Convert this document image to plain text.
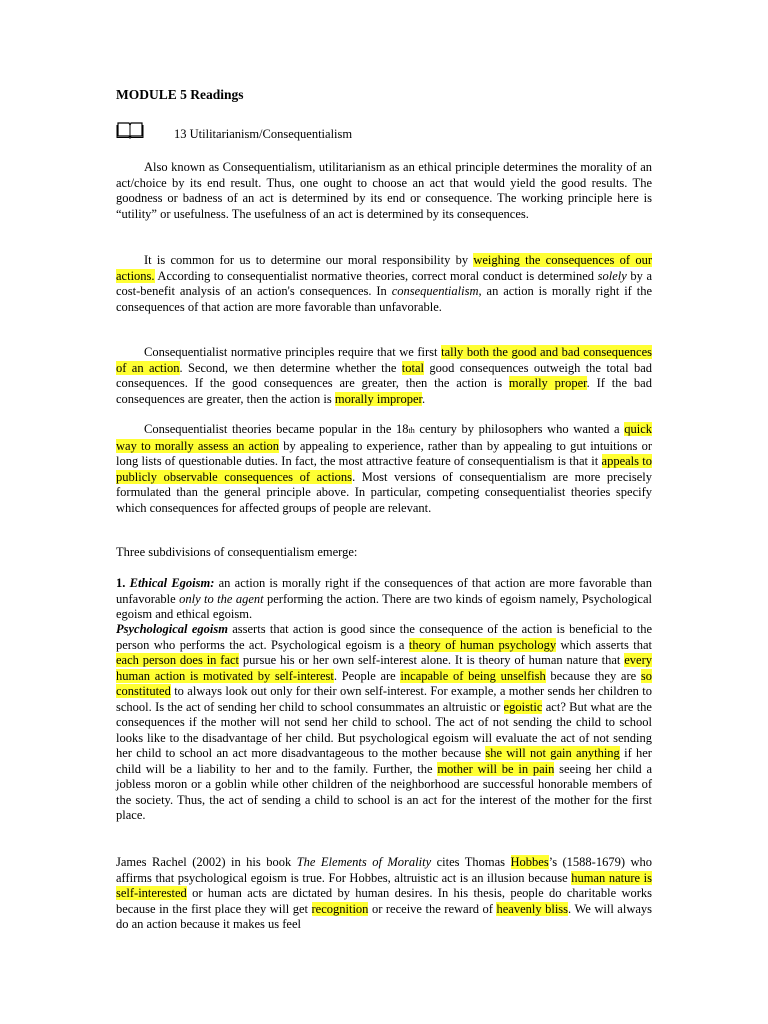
MODULE 5 Readings
13 Utilitarianism/Consequentialism
Also known as Consequentialism, utilitarianism as an ethical principle determines the morality of an act/choice by its end result. Thus, one ought to choose an act that would yield the good results. The goodness or badness of an act is determined by its end or consequence. The working principle here is “utility” or usefulness. The usefulness of an act is determined by its consequences.
It is common for us to determine our moral responsibility by weighing the consequences of our actions. According to consequentialist normative theories, correct moral conduct is determined solely by a cost-benefit analysis of an action's consequences. In consequentialism, an action is morally right if the consequences of that action are more favorable than unfavorable.
Consequentialist normative principles require that we first tally both the good and bad consequences of an action. Second, we then determine whether the total good consequences outweigh the total bad consequences. If the good consequences are greater, then the action is morally proper. If the bad consequences are greater, then the action is morally improper.
Consequentialist theories became popular in the 18th century by philosophers who wanted a quick way to morally assess an action by appealing to experience, rather than by appealing to gut intuitions or long lists of questionable duties. In fact, the most attractive feature of consequentialism is that it appeals to publicly observable consequences of actions. Most versions of consequentialism are more precisely formulated than the general principle above. In particular, competing consequentialist theories specify which consequences for affected groups of people are relevant.
Three subdivisions of consequentialism emerge:
1. Ethical Egoism: an action is morally right if the consequences of that action are more favorable than unfavorable only to the agent performing the action. There are two kinds of egoism namely, Psychological egoism and ethical egoism.
Psychological egoism asserts that action is good since the consequence of the action is beneficial to the person who performs the act. Psychological egoism is a theory of human psychology which asserts that each person does in fact pursue his or her own self-interest alone. It is theory of human nature that every human action is motivated by self-interest. People are incapable of being unselfish because they are so constituted to always look out only for their own self-interest. For example, a mother sends her children to school. Is the act of sending her child to school consummates an altruistic or egoistic act? But what are the consequences if the mother will not send her child to school. The act of not sending the child to school looks like to the disadvantage of her child. But psychological egoism will evaluate the act of not sending her child to school an act more disadvantageous to the mother because she will not gain anything if her child will be a liability to her and to the family. Further, the mother will be in pain seeing her child a jobless moron or a goblin while other children of the neighborhood are successful honorable members of the society. Thus, the act of sending a child to school is an act for the interest of the mother for the first place.
James Rachel (2002) in his book The Elements of Morality cites Thomas Hobbes’s (1588-1679) who affirms that psychological egoism is true. For Hobbes, altruistic act is an illusion because human nature is self-interested or human acts are dictated by human desires. In his thesis, people do charitable works because in the first place they will get recognition or receive the reward of heavenly bliss. We will always do an action because it makes us feel
